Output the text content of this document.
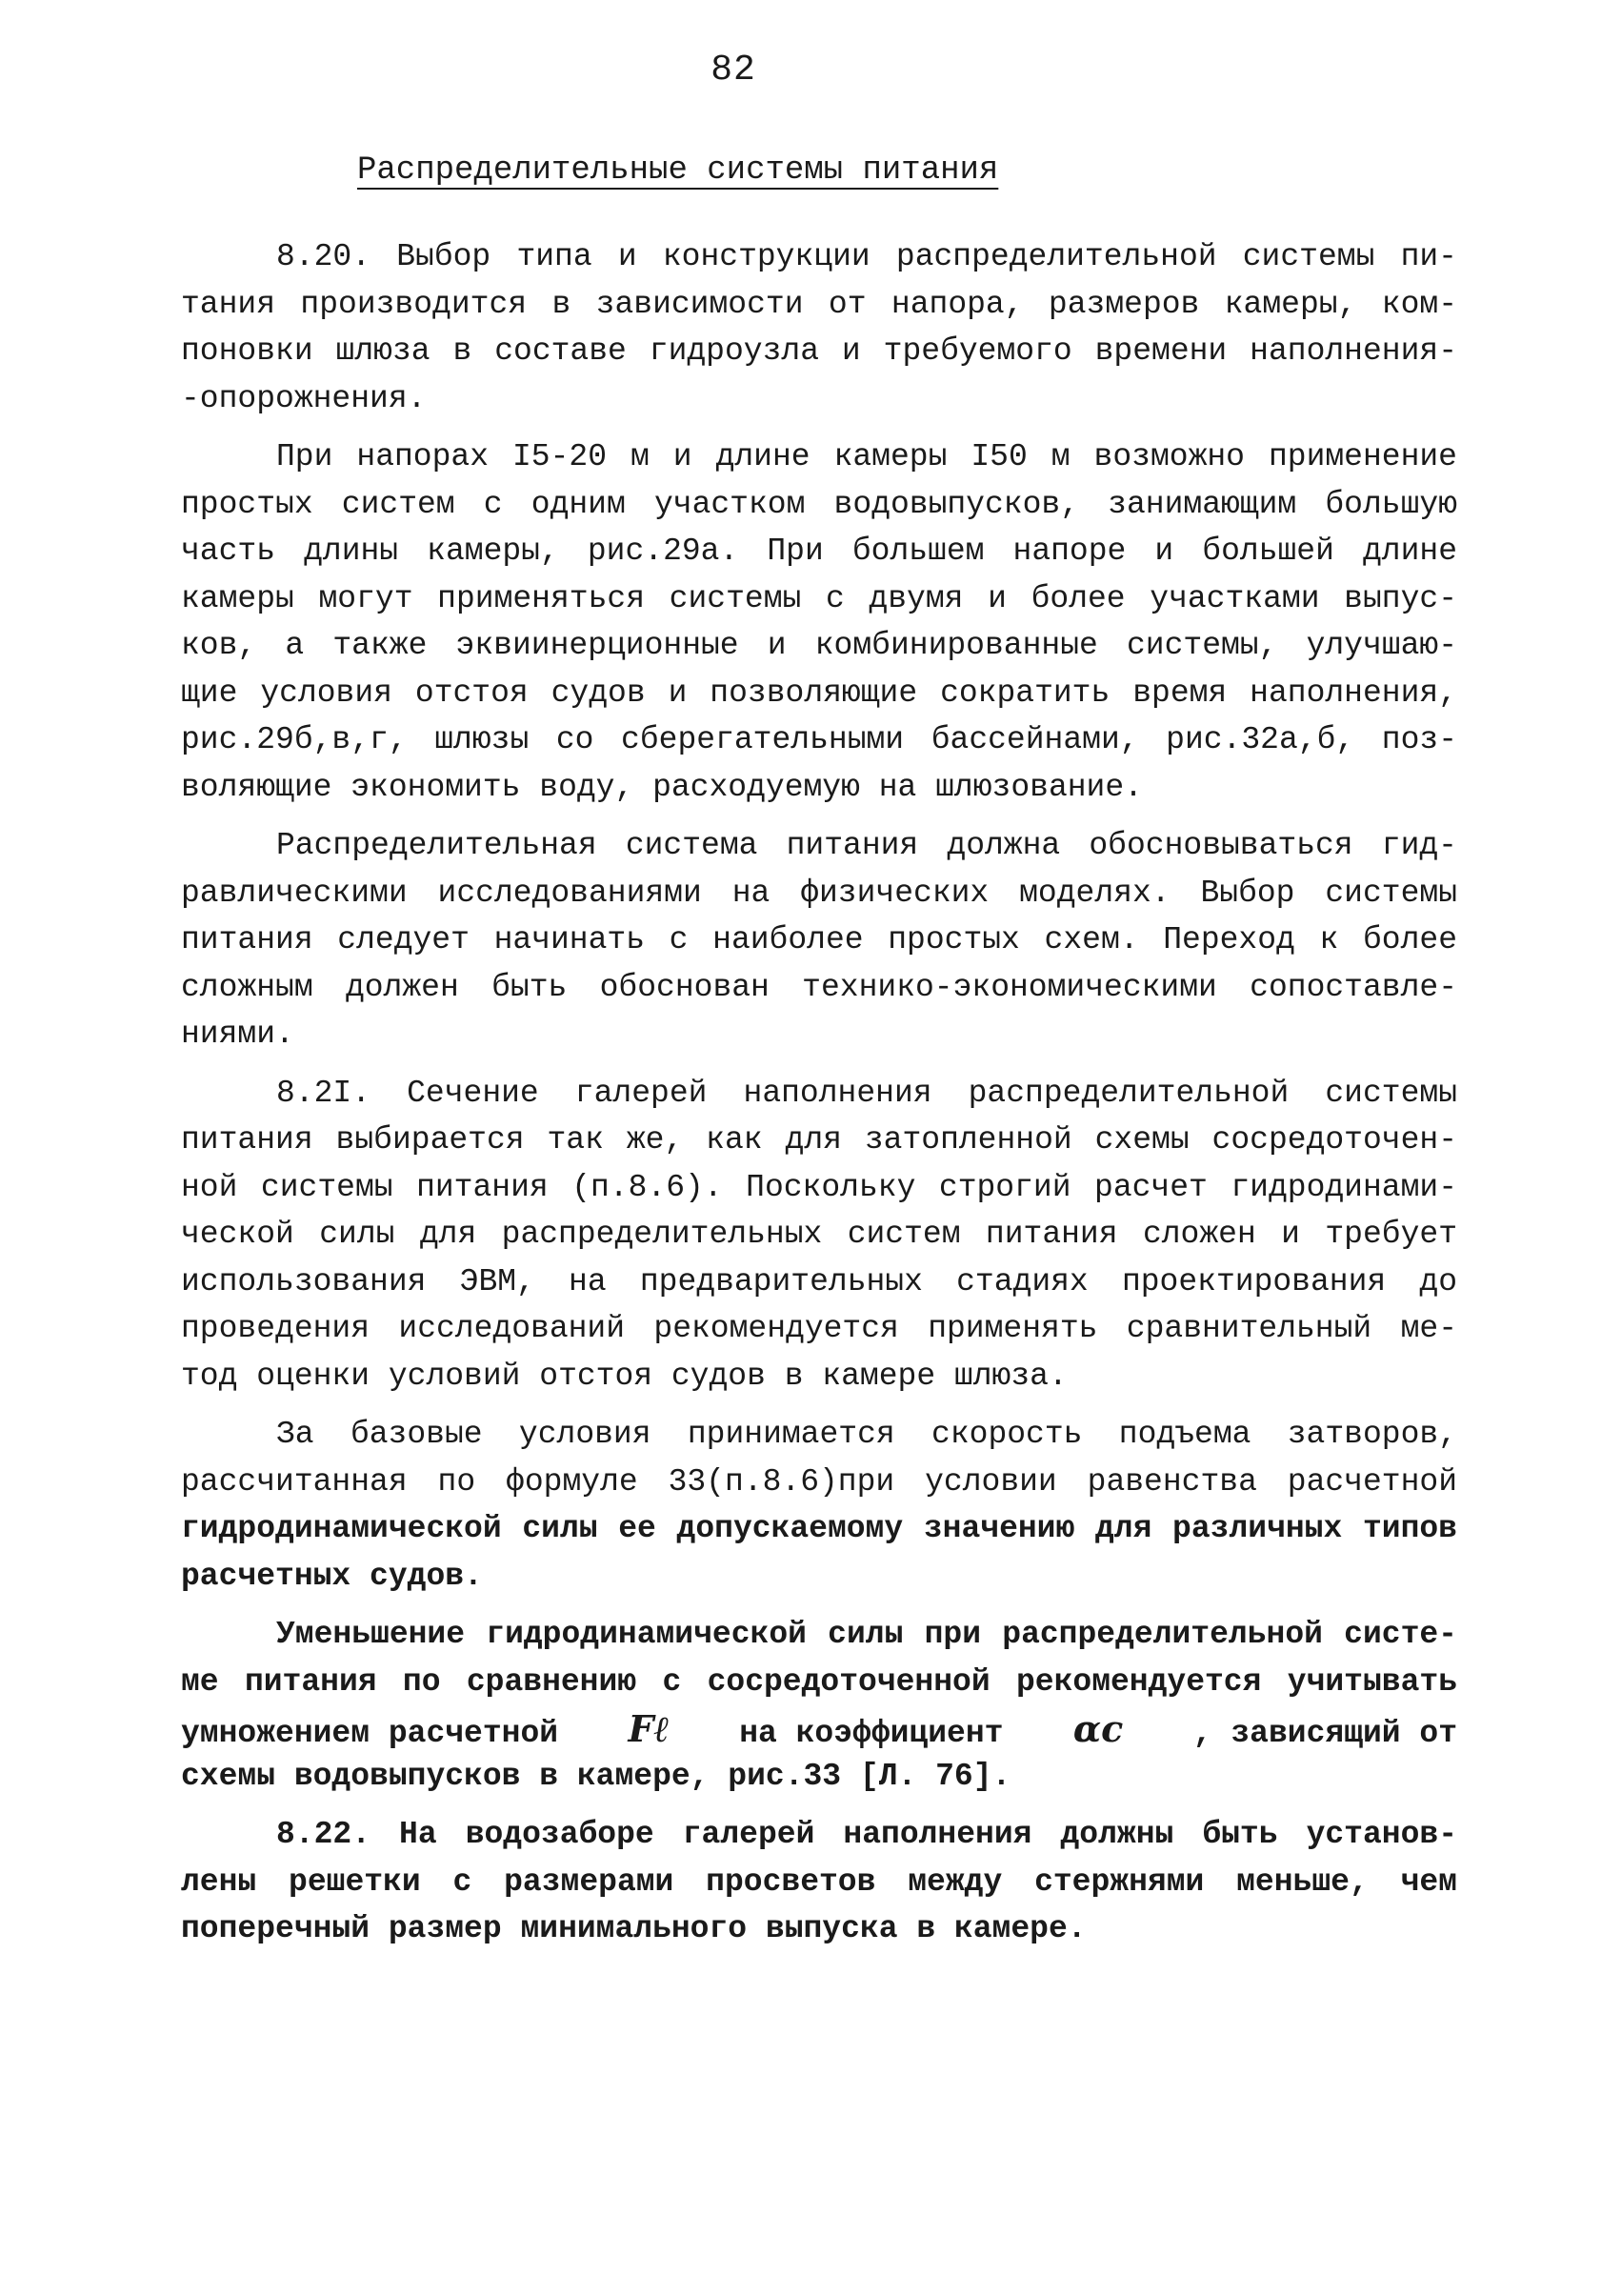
82
Распределительные системы питания
8.20. Выбор типа и конструкции распределительной системы пи-
тания производится в зависимости от напора, размеров камеры, ком-
поновки шлюза в составе гидроузла и требуемого времени наполнения-
-опорожнения.
При напорах I5-20 м и длине камеры I50 м возможно применение
простых систем с одним участком водовыпусков, занимающим большую
часть длины камеры, рис.29а. При большем напоре и большей длине
камеры могут применяться системы с двумя и более участками выпус-
ков, а также эквиинерционные и комбинированные системы, улучшаю-
щие условия отстоя судов и позволяющие сократить время наполнения,
рис.29б,в,г, шлюзы со сберегательными бассейнами, рис.32а,б, поз-
воляющие экономить воду, расходуемую на шлюзование.
Распределительная система питания должна обосновываться гид-
равлическими исследованиями на физических моделях. Выбор системы
питания следует начинать с наиболее простых схем. Переход к более
сложным должен быть обоснован технико-экономическими сопоставле-
ниями.
8.2I. Сечение галерей наполнения распределительной системы
питания выбирается так же, как для затопленной схемы сосредоточен-
ной системы питания (п.8.6). Поскольку строгий расчет гидродинами-
ческой силы для распределительных систем питания сложен и требует
использования ЭВМ, на предварительных стадиях проектирования до
проведения исследований рекомендуется применять сравнительный ме-
тод оценки условий отстоя судов в камере шлюза.
За базовые условия принимается скорость подъема затворов,
рассчитанная по формуле 33(п.8.6)при условии равенства расчетной
гидродинамической силы ее допускаемому значению для различных типов
расчетных судов.
Уменьшение гидродинамической силы при распределительной систе-
ме питания по сравнению с сосредоточенной рекомендуется учитывать
умножением расчетной Fℓ на коэффициент αc , зависящий от
схемы водовыпусков в камере, рис.33 [Л. 76].
8.22. На водозаборе галерей наполнения должны быть установ-
лены решетки с размерами просветов между стержнями меньше, чем
поперечный размер минимального выпуска в камере.
